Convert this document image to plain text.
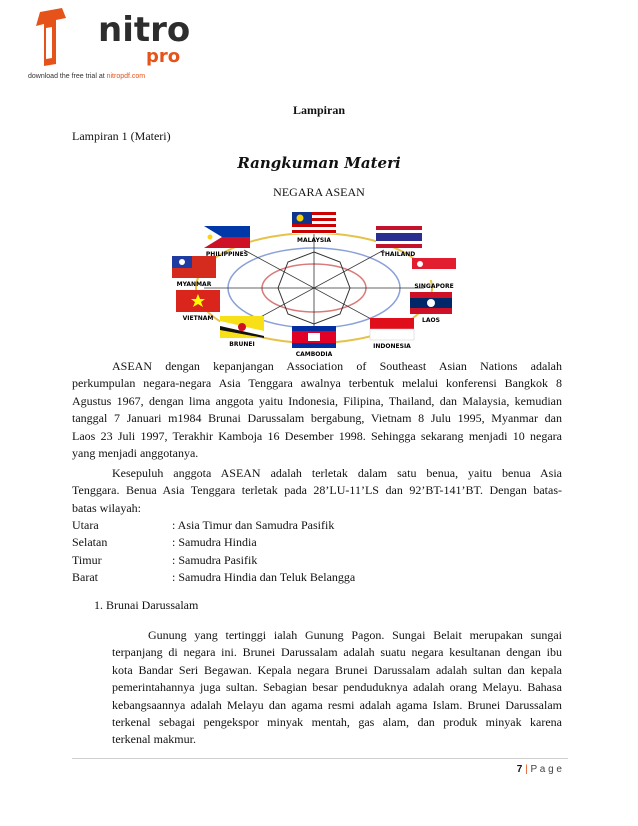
nitro
pro
download the free trial at nitropdf.com
Lampiran
Lampiran 1 (Materi)
Rangkuman Materi
NEGARA ASEAN
MALAYSIA
THAILAND
SINGAPORE
LAOS
INDONESIA
CAMBODIA
BRUNEI
VIETNAM
MYANMAR
PHILIPPINES
ASEAN dengan kepanjangan Association of Southeast Asian Nations adalah
perkumpulan negara-negara Asia Tenggara awalnya terbentuk melalui konferensi Bangkok 8
Agustus 1967, dengan lima anggota yaitu Indonesia, Filipina, Thailand, dan Malaysia, kemudian
tanggal 7 Januari m1984 Brunai Darussalam bergabung, Vietnam 8 Julu 1995, Myanmar dan
Laos 23 Juli 1997, Terakhir Kamboja 16 Desember 1998. Sehingga sekarang menjadi 10 negara
yang menjadi anggotanya.
Kesepuluh anggota ASEAN adalah terletak dalam satu benua, yaitu benua Asia
Tenggara. Benua Asia Tenggara terletak pada 28’LU-11’LS dan 92’BT-141’BT. Dengan batas-
batas wilayah:
Utara	: Asia Timur dan Samudra Pasifik
Selatan	: Samudra Hindia
Timur	: Samudra Pasifik
Barat	: Samudra Hindia dan Teluk Belangga
1. Brunai Darussalam
Gunung yang tertinggi ialah Gunung Pagon. Sungai Belait merupakan sungai
terpanjang di negara ini. Brunei Darussalam adalah suatu negara kesultanan dengan ibu
kota Bandar Seri Begawan. Kepala negara Brunei Darussalam adalah sultan dan kepala
pemerintahannya juga sultan. Sebagian besar penduduknya adalah orang Melayu. Bahasa
kebangsaannya adalah Melayu dan agama resmi adalah agama Islam. Brunei Darussalam
terkenal sebagai pengekspor minyak mentah, gas alam, dan produk minyak karena
terkenal makmur.
7 | P a g e
